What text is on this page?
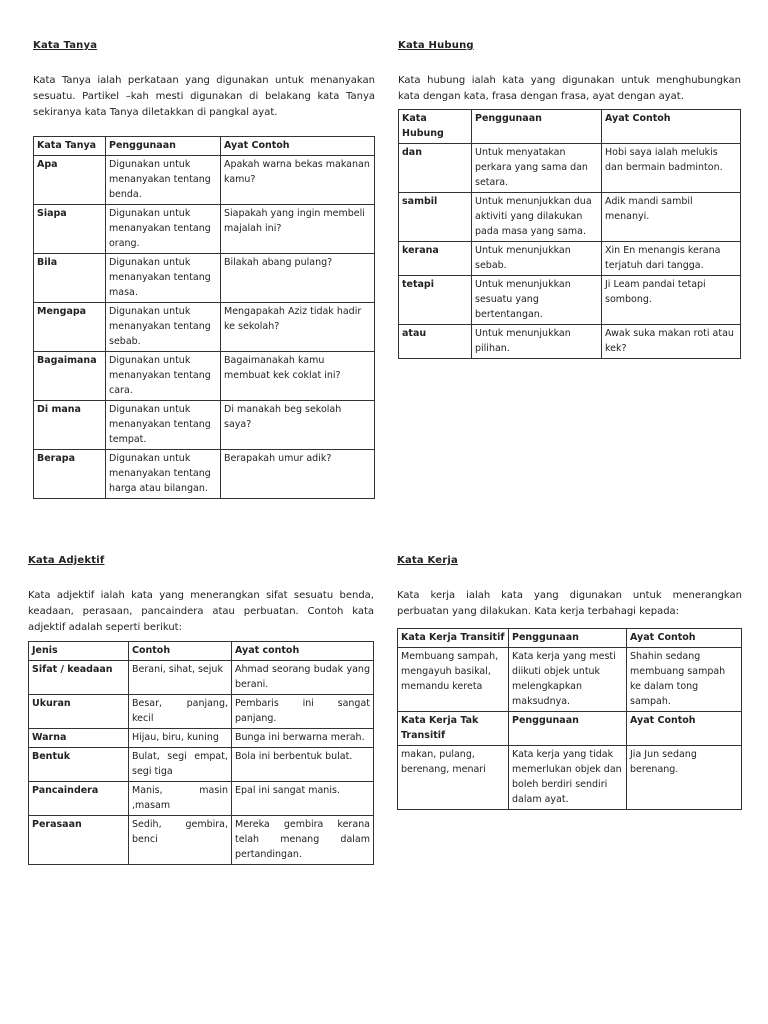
Kata Tanya

Kata Tanya ialah perkataan yang digunakan untuk menanyakan sesuatu. Partikel –kah mesti digunakan di belakang kata Tanya sekiranya kata Tanya diletakkan di pangkal ayat.

Kata Tanya	Penggunaan	Ayat Contoh
Apa	Digunakan untuk menanyakan tentang benda.	Apakah warna bekas makanan kamu?
Siapa	Digunakan untuk menanyakan tentang orang.	Siapakah yang ingin membeli majalah ini?
Bila	Digunakan untuk menanyakan tentang masa.	Bilakah abang pulang?
Mengapa	Digunakan untuk menanyakan tentang sebab.	Mengapakah Aziz tidak hadir ke sekolah?
Bagaimana	Digunakan untuk menanyakan tentang cara.	Bagaimanakah kamu membuat kek coklat ini?
Di mana	Digunakan untuk menanyakan tentang tempat.	Di manakah beg sekolah saya?
Berapa	Digunakan untuk menanyakan tentang harga atau bilangan.	Berapakah umur adik?
Kata Hubung

Kata hubung ialah kata yang digunakan untuk menghubungkan kata dengan kata, frasa dengan frasa, ayat dengan ayat.

Kata Hubung	Penggunaan	Ayat Contoh
dan	Untuk menyatakan perkara yang sama dan setara.	Hobi saya ialah melukis dan bermain badminton.
sambil	Untuk menunjukkan dua aktiviti yang dilakukan pada masa yang sama.	Adik mandi sambil menanyi.
kerana	Untuk menunjukkan sebab.	Xin En menangis kerana terjatuh dari tangga.
tetapi	Untuk menunjukkan sesuatu yang bertentangan.	Ji Leam pandai tetapi sombong.
atau	Untuk menunjukkan pilihan.	Awak suka makan roti atau kek?
Kata Adjektif

Kata adjektif ialah kata yang menerangkan sifat sesuatu benda, keadaan, perasaan, pancaindera atau perbuatan. Contoh kata adjektif adalah seperti berikut:

Jenis	Contoh	Ayat contoh
Sifat / keadaan	Berani, sihat, sejuk	Ahmad seorang budak yang berani.
Ukuran	Besar, panjang, kecil	Pembaris ini sangat panjang.
Warna	Hijau, biru, kuning	Bunga ini berwarna merah.
Bentuk	Bulat, segi empat, segi tiga	Bola ini berbentuk bulat.
Pancaindera	Manis, masin ,masam	Epal ini sangat manis.
Perasaan	Sedih, gembira, benci	Mereka gembira kerana telah menang dalam pertandingan.
Kata Kerja

Kata kerja ialah kata yang digunakan untuk menerangkan perbuatan yang dilakukan. Kata kerja terbahagi kepada:

Kata Kerja Transitif	Penggunaan	Ayat Contoh
Membuang sampah, mengayuh basikal, memandu kereta	Kata kerja yang mesti diikuti objek untuk melengkapkan maksudnya.	Shahin sedang membuang sampah ke dalam tong sampah.
Kata Kerja Tak Transitif	Penggunaan	Ayat Contoh
makan, pulang, berenang, menari	Kata kerja yang tidak memerlukan objek dan boleh berdiri sendiri dalam ayat.	Jia Jun sedang berenang.
